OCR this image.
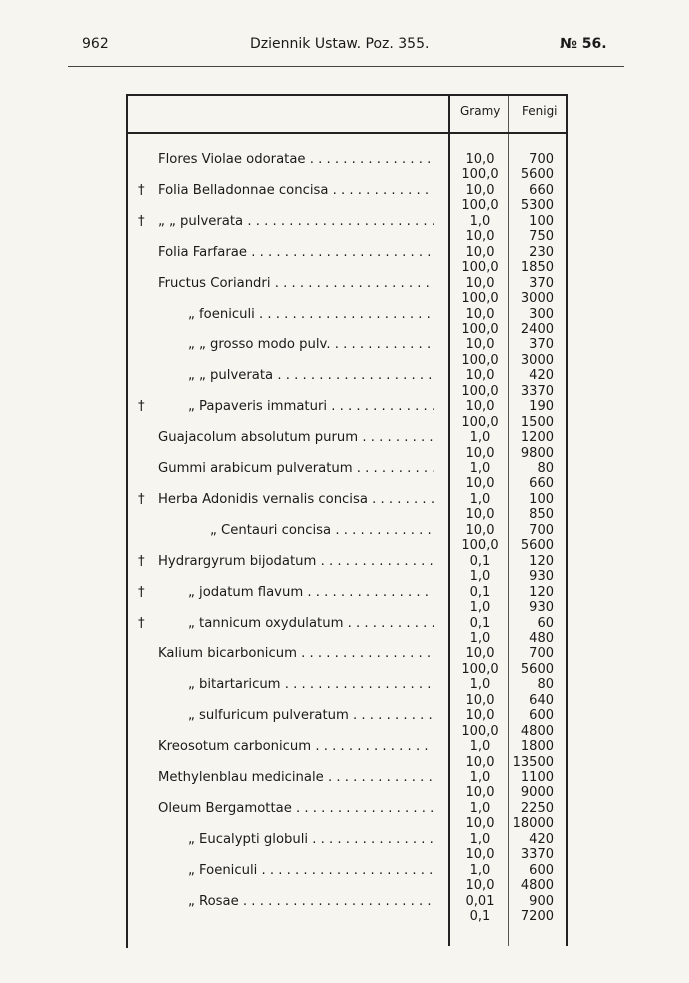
962	Dziennik Ustaw. Poz. 355.	№ 56.
Gramy Fenigi
Flores Violae odoratae . . .	10,0	700
100,0	5600
† Folia Belladonnae concisa . . .	10,0	660
100,0	5300
† „ „ pulverata . . .	1,0	100
10,0	750
Folia Farfarae . . .	10,0	230
100,0	1850
Fructus Coriandri . . .	10,0	370
100,0	3000
„ foeniculi . . .	10,0	300
100,0	2400
„ „ grosso modo pulv. . . .	10,0	370
100,0	3000
„ „ pulverata . . .	10,0	420
100,0	3370
†	„ Papaveris immaturi . . .	10,0	190
100,0	1500
Guajacolum absolutum purum . . .	1,0	1200
10,0	9800
Gummi arabicum pulveratum . . .	1,0	80
10,0	660
† Herba Adonidis vernalis concisa . . .	1,0	100
10,0	850
„ Centauri concisa . . .	10,0	700
100,0	5600
† Hydrargyrum bijodatum . . .	0,1	120
1,0	930
†	„ jodatum flavum . . .	0,1	120
1,0	930
†	„ tannicum oxydulatum . . .	0,1	60
1,0	480
Kalium bicarbonicum . . .	10,0	700
100,0	5600
„ bitartaricum . . .	1,0	80
10,0	640
„ sulfuricum pulveratum . . .	10,0	600
100,0	4800
Kreosotum carbonicum . . .	1,0	1800
10,0	13500
Methylenblau medicinale . . .	1,0	1100
10,0	9000
Oleum Bergamottae . . .	1,0	2250
10,0	18000
„ Eucalypti globuli . . .	1,0	420
10,0	3370
„ Foeniculi . . .	1,0	600
10,0	4800
„ Rosae . . .	0,01	900
0,1	7200
